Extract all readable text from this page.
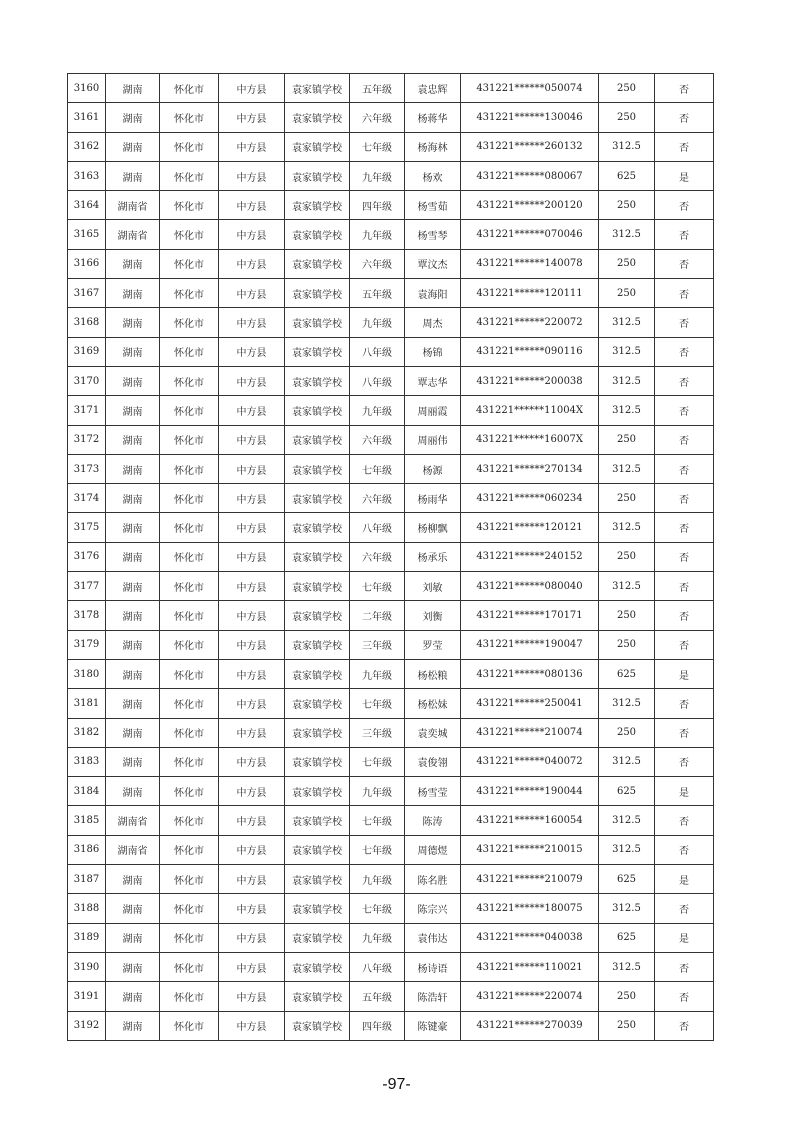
3160	湖南	怀化市	中方县	袁家镇学校	五年级	袁忠辉	431221******050074	250	否
3161	湖南	怀化市	中方县	袁家镇学校	六年级	杨蒋华	431221******130046	250	否
3162	湖南	怀化市	中方县	袁家镇学校	七年级	杨海林	431221******260132	312.5	否
3163	湖南	怀化市	中方县	袁家镇学校	九年级	杨欢	431221******080067	625	是
3164	湖南省	怀化市	中方县	袁家镇学校	四年级	杨雪茹	431221******200120	250	否
3165	湖南省	怀化市	中方县	袁家镇学校	九年级	杨雪琴	431221******070046	312.5	否
3166	湖南	怀化市	中方县	袁家镇学校	六年级	覃汶杰	431221******140078	250	否
3167	湖南	怀化市	中方县	袁家镇学校	五年级	袁海阳	431221******120111	250	否
3168	湖南	怀化市	中方县	袁家镇学校	九年级	周杰	431221******220072	312.5	否
3169	湖南	怀化市	中方县	袁家镇学校	八年级	杨锦	431221******090116	312.5	否
3170	湖南	怀化市	中方县	袁家镇学校	八年级	覃志华	431221******200038	312.5	否
3171	湖南	怀化市	中方县	袁家镇学校	九年级	周丽霞	431221******11004X	312.5	否
3172	湖南	怀化市	中方县	袁家镇学校	六年级	周丽伟	431221******16007X	250	否
3173	湖南	怀化市	中方县	袁家镇学校	七年级	杨源	431221******270134	312.5	否
3174	湖南	怀化市	中方县	袁家镇学校	六年级	杨雨华	431221******060234	250	否
3175	湖南	怀化市	中方县	袁家镇学校	八年级	杨柳飘	431221******120121	312.5	否
3176	湖南	怀化市	中方县	袁家镇学校	六年级	杨承乐	431221******240152	250	否
3177	湖南	怀化市	中方县	袁家镇学校	七年级	刘敏	431221******080040	312.5	否
3178	湖南	怀化市	中方县	袁家镇学校	二年级	刘衡	431221******170171	250	否
3179	湖南	怀化市	中方县	袁家镇学校	三年级	罗莹	431221******190047	250	否
3180	湖南	怀化市	中方县	袁家镇学校	九年级	杨松粮	431221******080136	625	是
3181	湖南	怀化市	中方县	袁家镇学校	七年级	杨松妹	431221******250041	312.5	否
3182	湖南	怀化市	中方县	袁家镇学校	三年级	袁奕城	431221******210074	250	否
3183	湖南	怀化市	中方县	袁家镇学校	七年级	袁俊翎	431221******040072	312.5	否
3184	湖南	怀化市	中方县	袁家镇学校	九年级	杨雪莹	431221******190044	625	是
3185	湖南省	怀化市	中方县	袁家镇学校	七年级	陈涛	431221******160054	312.5	否
3186	湖南省	怀化市	中方县	袁家镇学校	七年级	周德煜	431221******210015	312.5	否
3187	湖南	怀化市	中方县	袁家镇学校	九年级	陈名胜	431221******210079	625	是
3188	湖南	怀化市	中方县	袁家镇学校	七年级	陈宗兴	431221******180075	312.5	否
3189	湖南	怀化市	中方县	袁家镇学校	九年级	袁伟达	431221******040038	625	是
3190	湖南	怀化市	中方县	袁家镇学校	八年级	杨诗语	431221******110021	312.5	否
3191	湖南	怀化市	中方县	袁家镇学校	五年级	陈浩轩	431221******220074	250	否
3192	湖南	怀化市	中方县	袁家镇学校	四年级	陈键豪	431221******270039	250	否
-97-
